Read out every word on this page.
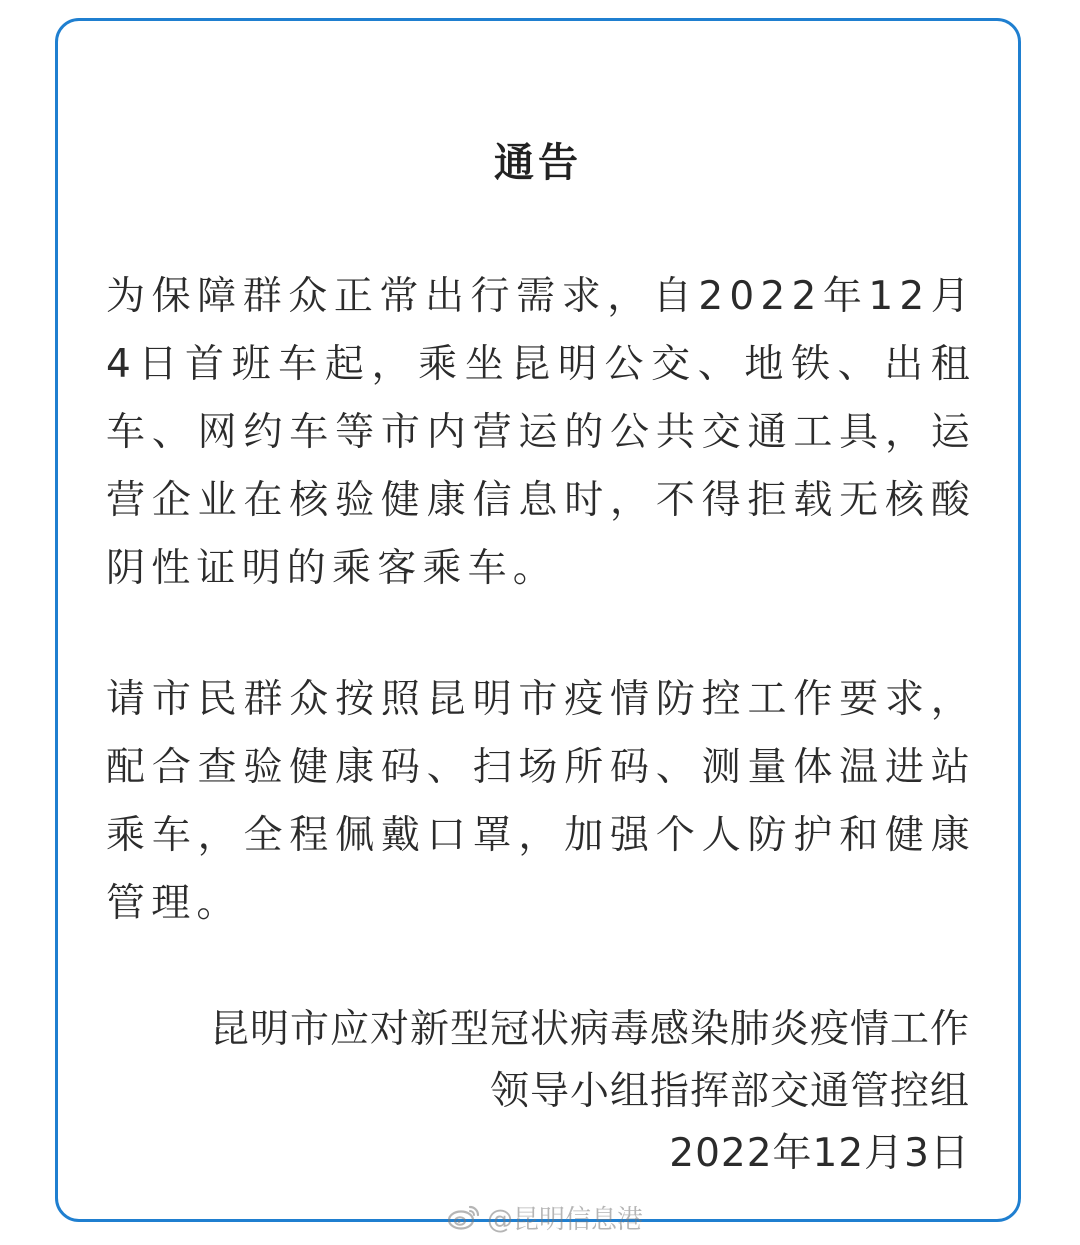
通告
为保障群众正常出行需求，自2022年12月4日首班车起，乘坐昆明公交、地铁、出租车、网约车等市内营运的公共交通工具，运营企业在核验健康信息时，不得拒载无核酸阴性证明的乘客乘车。
请市民群众按照昆明市疫情防控工作要求，配合查验健康码、扫场所码、测量体温进站乘车，全程佩戴口罩，加强个人防护和健康管理。
昆明市应对新型冠状病毒感染肺炎疫情工作
领导小组指挥部交通管控组
2022年12月3日
@昆明信息港
